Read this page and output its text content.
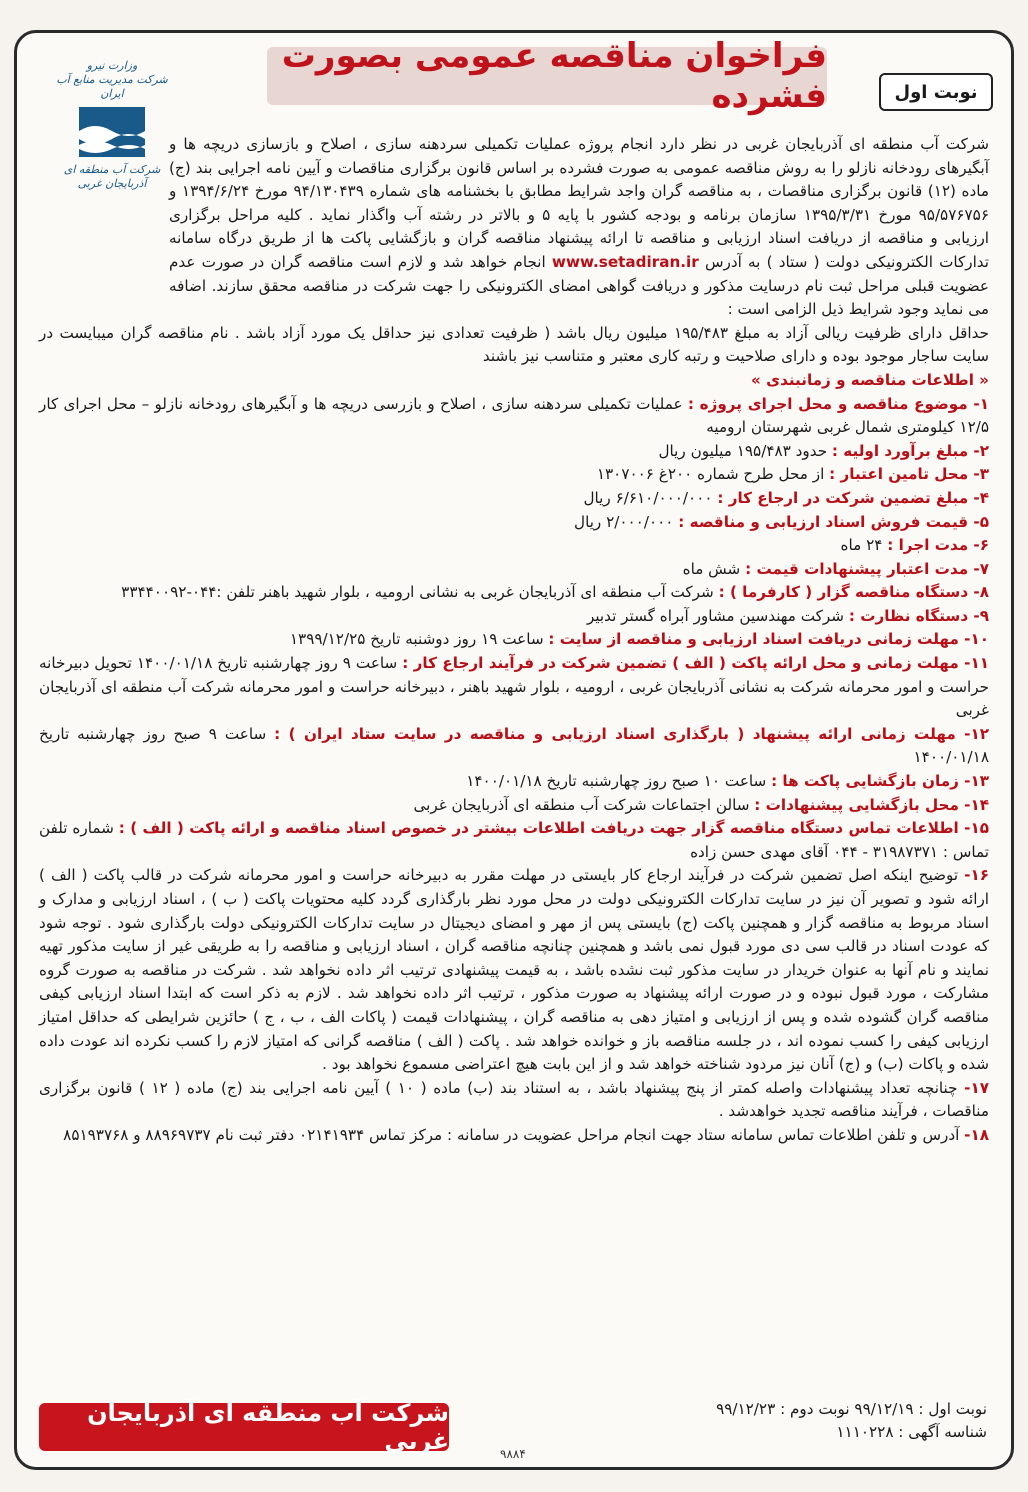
وزارت نیرو
شرکت مدیریت منابع آب ایران
شرکت آب منطقه ای آذربایجان غربی
فراخوان مناقصه عمومی بصورت فشرده	نوبت اول

شرکت آب منطقه ای آذربایجان غربی در نظر دارد انجام پروژه عملیات تکمیلی سردهنه سازی ، اصلاح و بازسازی دریچه ها و آبگیرهای رودخانه نازلو را به روش مناقصه عمومی به صورت فشرده بر اساس قانون برگزاری مناقصات و آیین نامه اجرایی بند (ج) ماده (۱۲) قانون برگزاری مناقصات ، به مناقصه گران واجد شرایط مطابق با بخشنامه های شماره ۹۴/۱۳۰۴۳۹ مورخ ۱۳۹۴/۶/۲۴ و ۹۵/۵۷۶۷۵۶ مورخ ۱۳۹۵/۳/۳۱ سازمان برنامه و بودجه کشور با پایه ۵ و بالاتر در رشته آب واگذار نماید . کلیه مراحل برگزاری ارزیابی و مناقصه از دریافت اسناد ارزیابی و مناقصه تا ارائه پیشنهاد مناقصه گران و بازگشایی پاکت ها از طریق درگاه سامانه تدارکات الکترونیکی دولت ( ستاد ) به آدرس www.setadiran.ir انجام خواهد شد و لازم است مناقصه گران در صورت عدم عضویت قبلی مراحل ثبت نام درسایت مذکور و دریافت گواهی امضای الکترونیکی را جهت شرکت در مناقصه محقق سازند. اضافه می نماید وجود شرایط ذیل الزامی است :

حداقل دارای ظرفیت ریالی آزاد به مبلغ ۱۹۵/۴۸۳ میلیون ریال باشد ( ظرفیت تعدادی نیز حداقل یک مورد آزاد باشد . نام مناقصه گران میبایست در سایت ساجار موجود بوده و دارای صلاحیت و رتبه کاری معتبر و متناسب نیز باشند

« اطلاعات مناقصه و زمانبندی »

۱- موضوع مناقصه و محل اجرای پروژه : عملیات تکمیلی سردهنه سازی ، اصلاح و بازرسی دریچه ها و آبگیرهای رودخانه نازلو – محل اجرای کار ۱۲/۵ کیلومتری شمال غربی شهرستان ارومیه

۲- مبلغ برآورد اولیه : حدود ۱۹۵/۴۸۳ میلیون ریال

۳- محل تامین اعتبار : از محل طرح شماره ۲۰۰غ ۱۳۰۷۰۰۶

۴- مبلغ تضمین شرکت در ارجاع کار : ۶/۶۱۰/۰۰۰/۰۰۰ ریال

۵- قیمت فروش اسناد ارزیابی و مناقصه : ۲/۰۰۰/۰۰۰ ریال

۶- مدت اجرا : ۲۴ ماه

۷- مدت اعتبار پیشنهادات قیمت : شش ماه

۸- دستگاه مناقصه گزار ( کارفرما ) : شرکت آب منطقه ای آذربایجان غربی به نشانی ارومیه ، بلوار شهید باهنر تلفن :۰۴۴-۳۳۴۴۰۰۹۲

۹- دستگاه نظارت : شرکت مهندسین مشاور آبراه گستر تدبیر

۱۰- مهلت زمانی دریافت اسناد ارزیابی و مناقصه از سایت : ساعت ۱۹ روز دوشنبه تاریخ ۱۳۹۹/۱۲/۲۵

۱۱- مهلت زمانی و محل ارائه پاکت ( الف ) تضمین شرکت در فرآیند ارجاع کار : ساعت ۹ روز چهارشنبه تاریخ ۱۴۰۰/۰۱/۱۸ تحویل دبیرخانه حراست و امور محرمانه شرکت به نشانی آذربایجان غربی ، ارومیه ، بلوار شهید باهنر ، دبیرخانه حراست و امور محرمانه شرکت آب منطقه ای آذربایجان غربی

۱۲- مهلت زمانی ارائه پیشنهاد ( بارگذاری اسناد ارزیابی و مناقصه در سایت ستاد ایران ) : ساعت ۹ صبح روز چهارشنبه تاریخ ۱۴۰۰/۰۱/۱۸

۱۳- زمان بازگشایی پاکت ها : ساعت ۱۰ صبح روز چهارشنبه تاریخ ۱۴۰۰/۰۱/۱۸

۱۴- محل بازگشایی پیشنهادات : سالن اجتماعات شرکت آب منطقه ای آذربایجان غربی

۱۵- اطلاعات تماس دستگاه مناقصه گزار جهت دریافت اطلاعات بیشتر در خصوص اسناد مناقصه و ارائه پاکت ( الف ) : شماره تلفن تماس : ۳۱۹۸۷۳۷۱ - ۰۴۴ آقای مهدی حسن زاده

۱۶- توضیح اینکه اصل تضمین شرکت در فرآیند ارجاع کار بایستی در مهلت مقرر به دبیرخانه حراست و امور محرمانه شرکت در قالب پاکت ( الف ) ارائه شود و تصویر آن نیز در سایت تدارکات الکترونیکی دولت در محل مورد نظر بارگذاری گردد کلیه محتویات پاکت ( ب ) ، اسناد ارزیابی و مدارک و اسناد مربوط به مناقصه گزار و همچنین پاکت (ج) بایستی پس از مهر و امضای دیجیتال در سایت تدارکات الکترونیکی دولت بارگذاری شود . توجه شود که عودت اسناد در قالب سی دی مورد قبول نمی باشد و همچنین چنانچه مناقصه گران ، اسناد ارزیابی و مناقصه را به طریقی غیر از سایت مذکور تهیه نمایند و نام آنها به عنوان خریدار در سایت مذکور ثبت نشده باشد ، به قیمت پیشنهادی ترتیب اثر داده نخواهد شد . شرکت در مناقصه به صورت گروه مشارکت ، مورد قبول نبوده و در صورت ارائه پیشنهاد به صورت مذکور ، ترتیب اثر داده نخواهد شد . لازم به ذکر است که ابتدا اسناد ارزیابی کیفی مناقصه گران گشوده شده و پس از ارزیابی و امتیاز دهی به مناقصه گران ، پیشنهادات قیمت ( پاکات الف ، ب ، ج ) حائزین شرایطی که حداقل امتیاز ارزیابی کیفی را کسب نموده اند ، در جلسه مناقصه باز و خوانده خواهد شد . پاکت ( الف ) مناقصه گرانی که امتیاز لازم را کسب نکرده اند عودت داده شده و پاکات (ب) و (ج) آنان نیز مردود شناخته خواهد شد و از این بابت هیچ اعتراضی مسموع نخواهد بود .

۱۷- چنانچه تعداد پیشنهادات واصله کمتر از پنج پیشنهاد باشد ، به استناد بند (ب) ماده ( ۱۰ ) آیین نامه اجرایی بند (ج) ماده ( ۱۲ ) قانون برگزاری مناقصات ، فرآیند مناقصه تجدید خواهدشد .

۱۸- آدرس و تلفن اطلاعات تماس سامانه ستاد جهت انجام مراحل عضویت در سامانه : مرکز تماس ۰۲۱۴۱۹۳۴ دفتر ثبت نام ۸۸۹۶۹۷۳۷ و ۸۵۱۹۳۷۶۸

شرکت آب منطقه ای آذربایجان غربی
نوبت اول : ۹۹/۱۲/۱۹ نوبت دوم : ۹۹/۱۲/۲۳
شناسه آگهی : ۱۱۱۰۲۲۸
۹۸۸۴
